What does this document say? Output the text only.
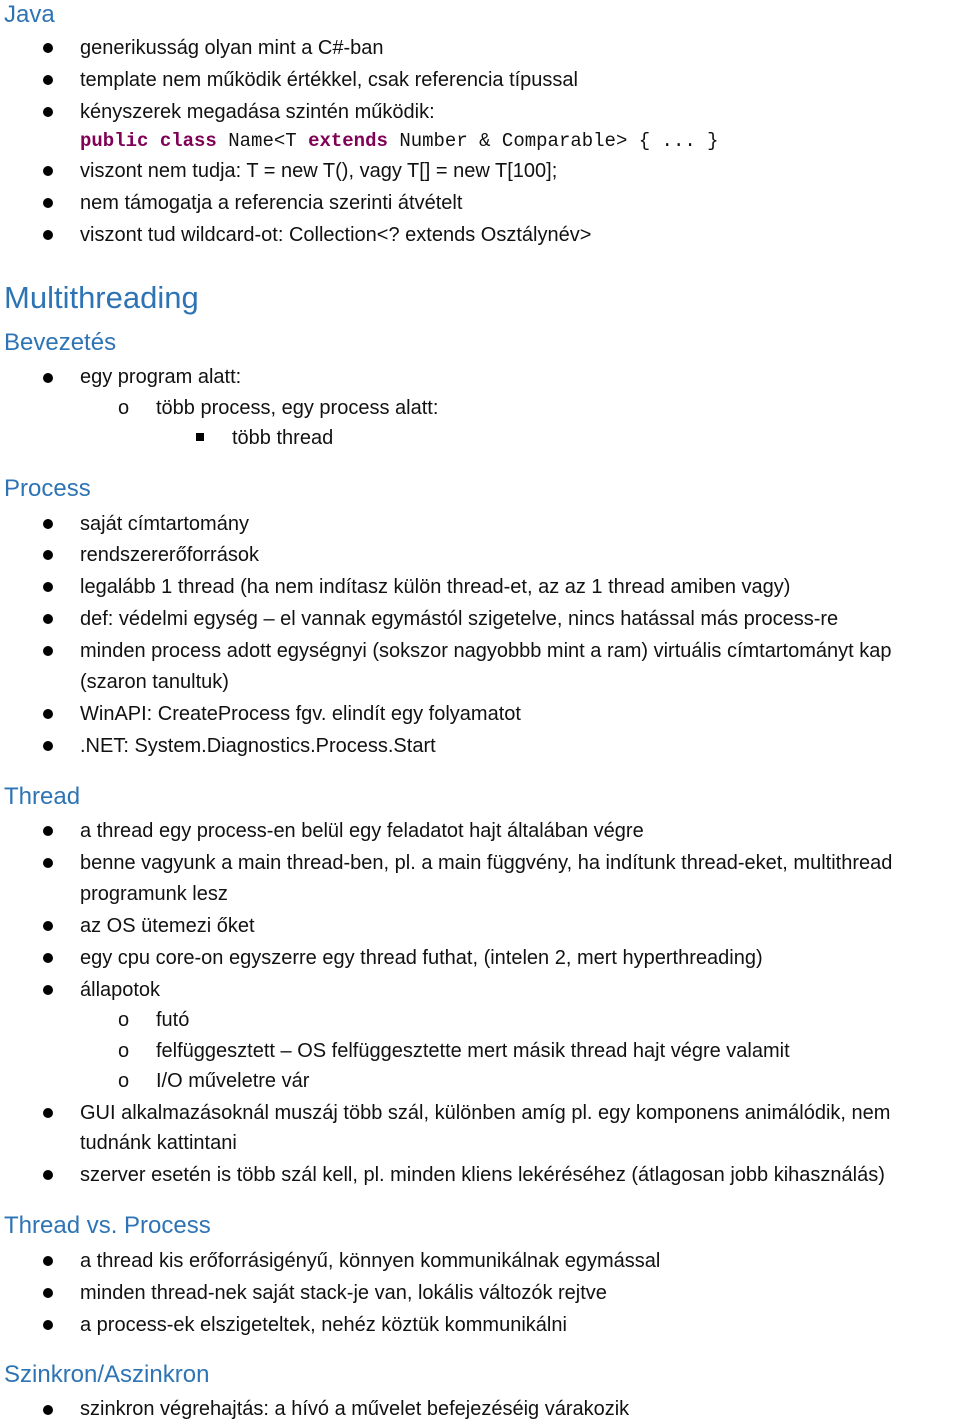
Java
generikusság olyan mint a C#-ban
template nem működik értékkel, csak referencia típussal
kényszerek megadása szintén működik:
public class Name<T extends Number & Comparable> { ... }
viszont nem tudja: T = new T(), vagy T[] = new T[100];
nem támogatja a referencia szerinti átvételt
viszont tud wildcard-ot: Collection<? extends Osztálynév>
Multithreading
Bevezetés
egy program alatt:
o több process, egy process alatt:
több thread
Process
saját címtartomány
rendszererőforrások
legalább 1 thread (ha nem indítasz külön thread-et, az az 1 thread amiben vagy)
def: védelmi egység – el vannak egymástól szigetelve, nincs hatással más process-re
minden process adott egységnyi (sokszor nagyobbb mint a ram) virtuális címtartományt kap
(szaron tanultuk)
WinAPI: CreateProcess fgv. elindít egy folyamatot
.NET: System.Diagnostics.Process.Start
Thread
a thread egy process-en belül egy feladatot hajt általában végre
benne vagyunk a main thread-ben, pl. a main függvény, ha indítunk thread-eket, multithread
programunk lesz
az OS ütemezi őket
egy cpu core-on egyszerre egy thread futhat, (intelen 2, mert hyperthreading)
állapotok
o futó
o felfüggesztett – OS felfüggesztette mert másik thread hajt végre valamit
o I/O műveletre vár
GUI alkalmazásoknál muszáj több szál, különben amíg pl. egy komponens animálódik, nem
tudnánk kattintani
szerver esetén is több szál kell, pl. minden kliens lekéréséhez (átlagosan jobb kihasználás)
Thread vs. Process
a thread kis erőforrásigényű, könnyen kommunikálnak egymással
minden thread-nek saját stack-je van, lokális változók rejtve
a process-ek elszigeteltek, nehéz köztük kommunikálni
Szinkron/Aszinkron
szinkron végrehajtás: a hívó a művelet befejezéséig várakozik
